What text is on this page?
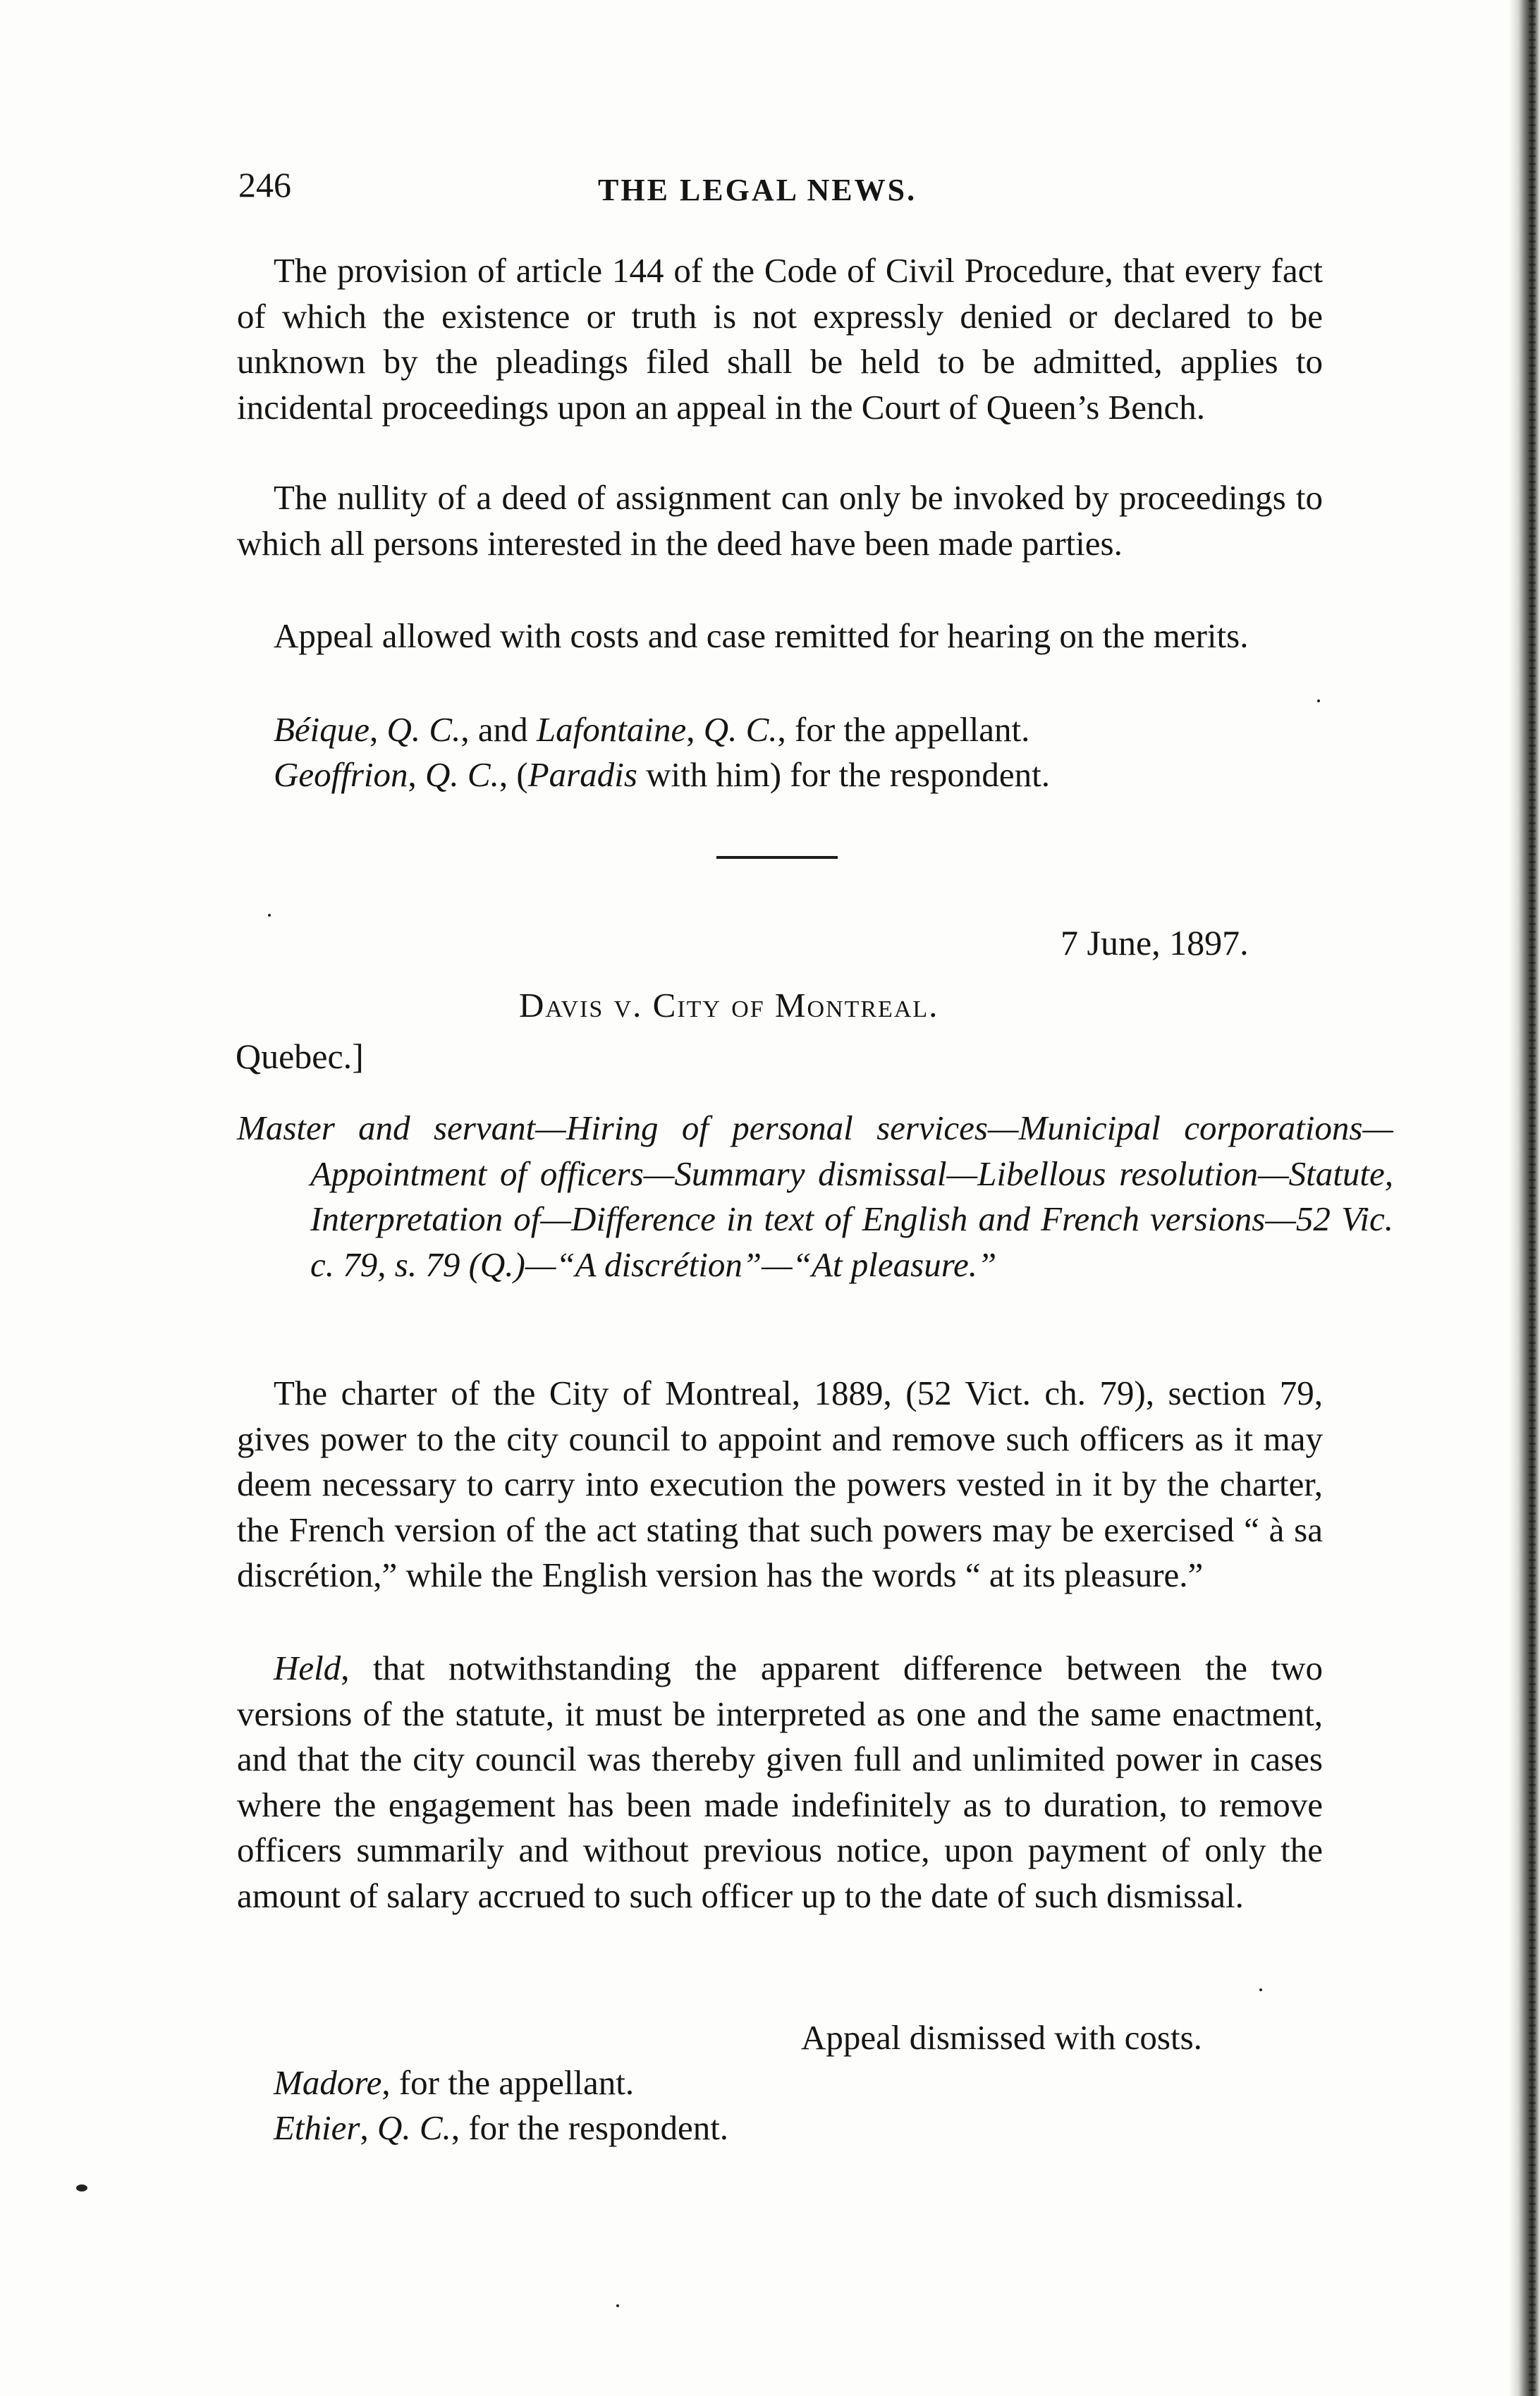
246	THE LEGAL NEWS.

The provision of article 144 of the Code of Civil Procedure, that every fact of which the existence or truth is not expressly denied or declared to be unknown by the pleadings filed shall be held to be admitted, applies to incidental proceedings upon an appeal in the Court of Queen’s Bench.

The nullity of a deed of assignment can only be invoked by proceedings to which all persons interested in the deed have been made parties.

Appeal allowed with costs and case remitted for hearing on the merits.

Béique, Q. C., and Lafontaine, Q. C., for the appellant.

Geoffrion, Q. C., (Paradis with him) for the respondent.

7 June, 1897.
Davis v. City of Montreal.
Quebec.]

Master and servant—Hiring of personal services—Municipal corporations—Appointment of officers—Summary dismissal—Libellous resolution—Statute, Interpretation of—Difference in text of English and French versions—52 Vic. c. 79, s. 79 (Q.)—“A discrétion”—“At pleasure.”

The charter of the City of Montreal, 1889, (52 Vict. ch. 79), section 79, gives power to the city council to appoint and remove such officers as it may deem necessary to carry into execution the powers vested in it by the charter, the French version of the act stating that such powers may be exercised “ à sa discrétion,” while the English version has the words “ at its pleasure.”

Held, that notwithstanding the apparent difference between the two versions of the statute, it must be interpreted as one and the same enactment, and that the city council was thereby given full and unlimited power in cases where the engagement has been made indefinitely as to duration, to remove officers summarily and without previous notice, upon payment of only the amount of salary accrued to such officer up to the date of such dismissal.

Appeal dismissed with costs.

Madore, for the appellant.

Ethier, Q. C., for the respondent.
